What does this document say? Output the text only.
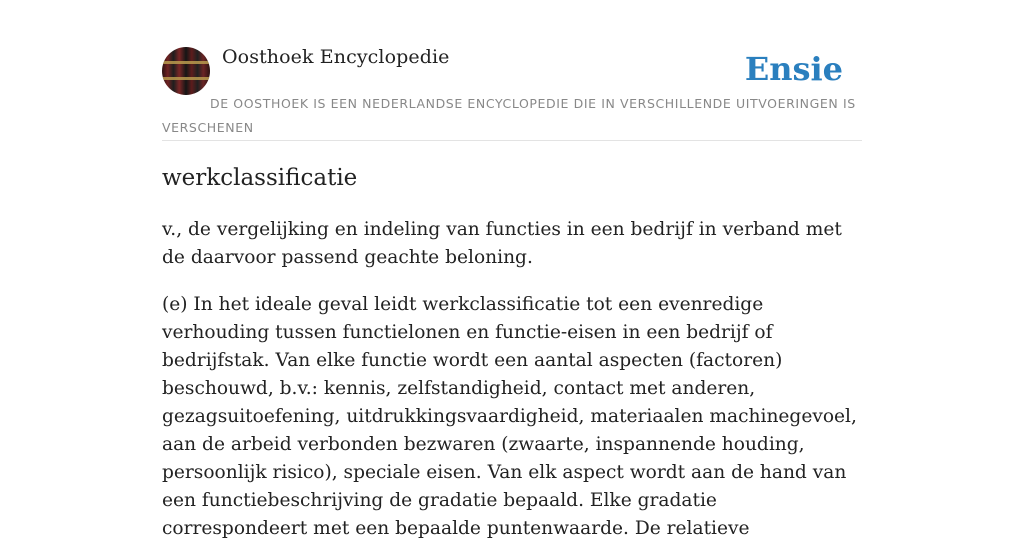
Oosthoek Encyclopedie	Ensie
DE OOSTHOEK IS EEN NEDERLANDSE ENCYCLOPEDIE DIE IN VERSCHILLENDE UITVOERINGEN IS VERSCHENEN
werkclassificatie

v., de vergelijking en indeling van functies in een bedrijf in verband met de daarvoor passend geachte beloning.

(e) In het ideale geval leidt werkclassificatie tot een evenredige verhouding tussen functielonen en functie-eisen in een bedrijf of bedrijfstak. Van elke functie wordt een aantal aspecten (factoren) beschouwd, b.v.: kennis, zelfstandigheid, contact met anderen, gezagsuitoefening, uitdrukkingsvaardigheid, materiaalen machinegevoel, aan de arbeid verbonden bezwaren (zwaarte, inspannende houding, persoonlijk risico), speciale eisen. Van elk aspect wordt aan de hand van een functiebeschrijving de gradatie bepaald. Elke gradatie correspondeert met een bepaalde puntenwaarde. De relatieve
